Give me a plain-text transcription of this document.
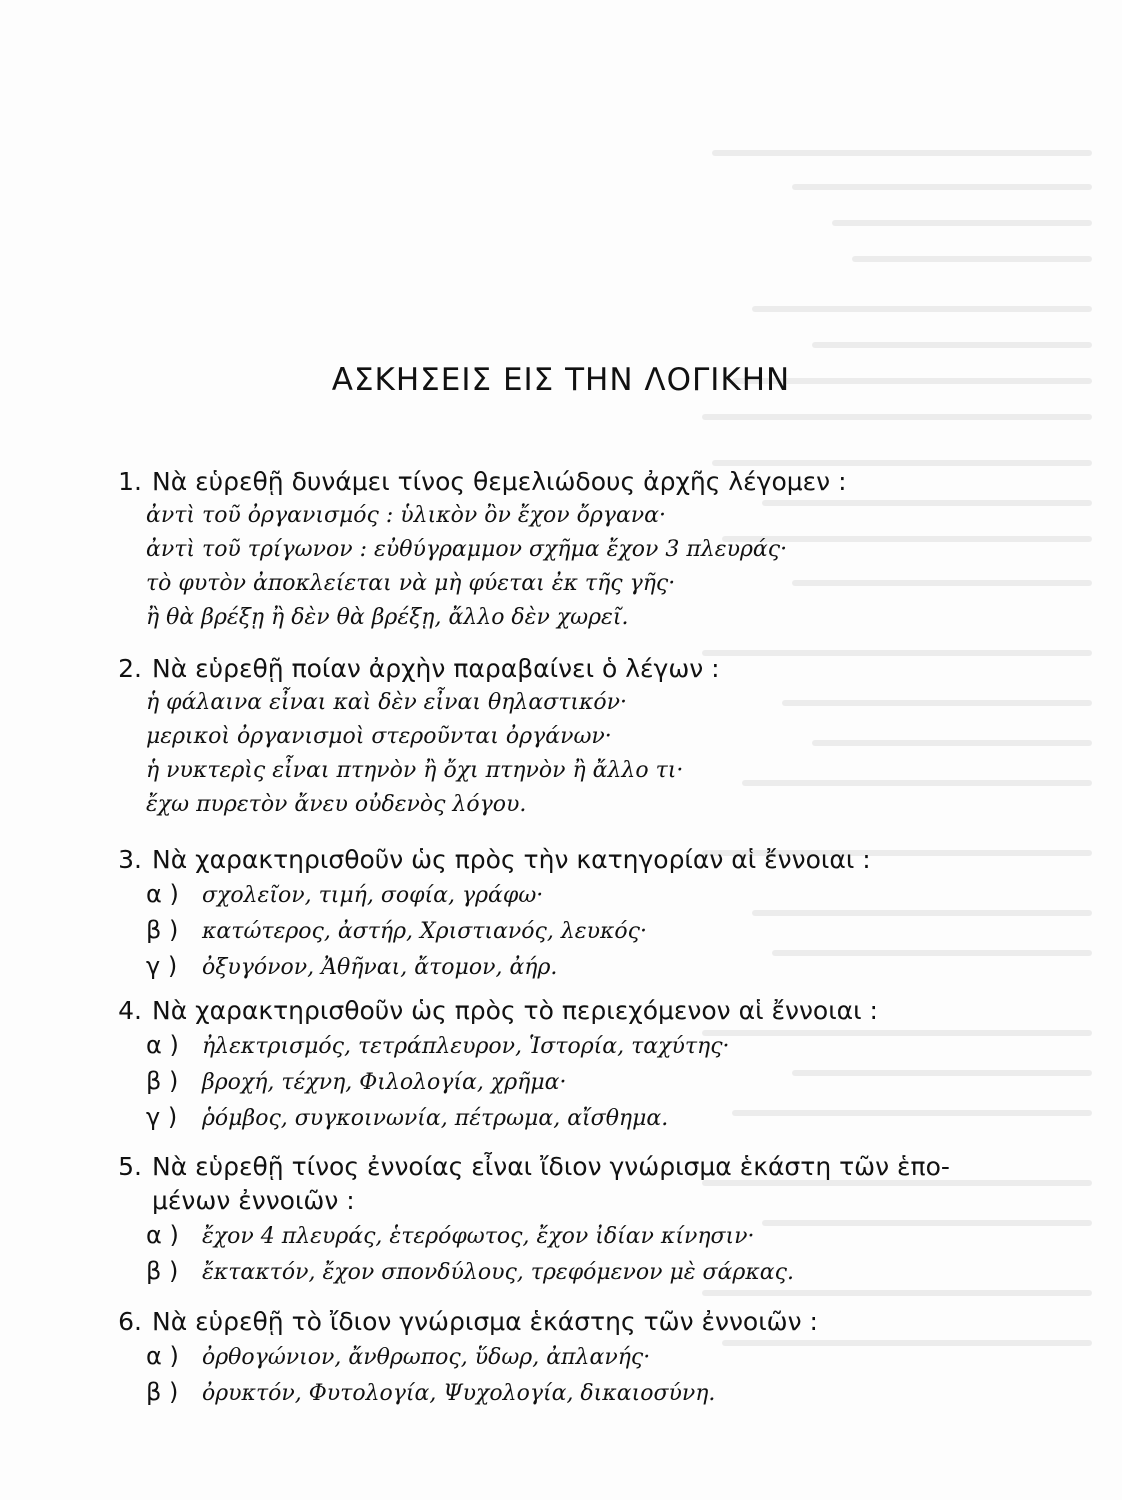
ΑΣΚΗΣΕΙΣ ΕΙΣ ΤΗΝ ΛΟΓΙΚΗΝ
1. Νὰ εὑρεθῇ δυνάμει τίνος θεμελιώδους ἀρχῆς λέγομεν :
ἀντὶ τοῦ ὀργανισμός : ὑλικὸν ὂν ἔχον ὄργανα·
ἀντὶ τοῦ τρίγωνον : εὐθύγραμμον σχῆμα ἔχον 3 πλευράς·
τὸ φυτὸν ἀποκλείεται νὰ μὴ φύεται ἐκ τῆς γῆς·
ἢ θὰ βρέξῃ ἢ δὲν θὰ βρέξῃ, ἄλλο δὲν χωρεῖ.
2. Νὰ εὑρεθῇ ποίαν ἀρχὴν παραβαίνει ὁ λέγων :
ἡ φάλαινα εἶναι καὶ δὲν εἶναι θηλαστικόν·
μερικοὶ ὀργανισμοὶ στεροῦνται ὀργάνων·
ἡ νυκτερὶς εἶναι πτηνὸν ἢ ὄχι πτηνὸν ἢ ἄλλο τι·
ἔχω πυρετὸν ἄνευ οὐδενὸς λόγου.
3. Νὰ χαρακτηρισθοῦν ὡς πρὸς τὴν κατηγορίαν αἱ ἔννοιαι :
α ) σχολεῖον, τιμή, σοφία, γράφω·
β ) κατώτερος, ἀστήρ, Χριστιανός, λευκός·
γ ) ὀξυγόνον, Ἀθῆναι, ἄτομον, ἀήρ.
4. Νὰ χαρακτηρισθοῦν ὡς πρὸς τὸ περιεχόμενον αἱ ἔννοιαι :
α ) ἠλεκτρισμός, τετράπλευρον, Ἱστορία, ταχύτης·
β ) βροχή, τέχνη, Φιλολογία, χρῆμα·
γ ) ῥόμβος, συγκοινωνία, πέτρωμα, αἴσθημα.
5. Νὰ εὑρεθῇ τίνος ἐννοίας εἶναι ἴδιον γνώρισμα ἑκάστη τῶν ἑπο-
μένων ἐννοιῶν :
α ) ἔχον 4 πλευράς, ἑτερόφωτος, ἔχον ἰδίαν κίνησιν·
β ) ἔκτακτόν, ἔχον σπονδύλους, τρεφόμενον μὲ σάρκας.
6. Νὰ εὑρεθῇ τὸ ἴδιον γνώρισμα ἑκάστης τῶν ἐννοιῶν :
α ) ὀρθογώνιον, ἄνθρωπος, ὕδωρ, ἀπλανής·
β ) ὀρυκτόν, Φυτολογία, Ψυχολογία, δικαιοσύνη.
